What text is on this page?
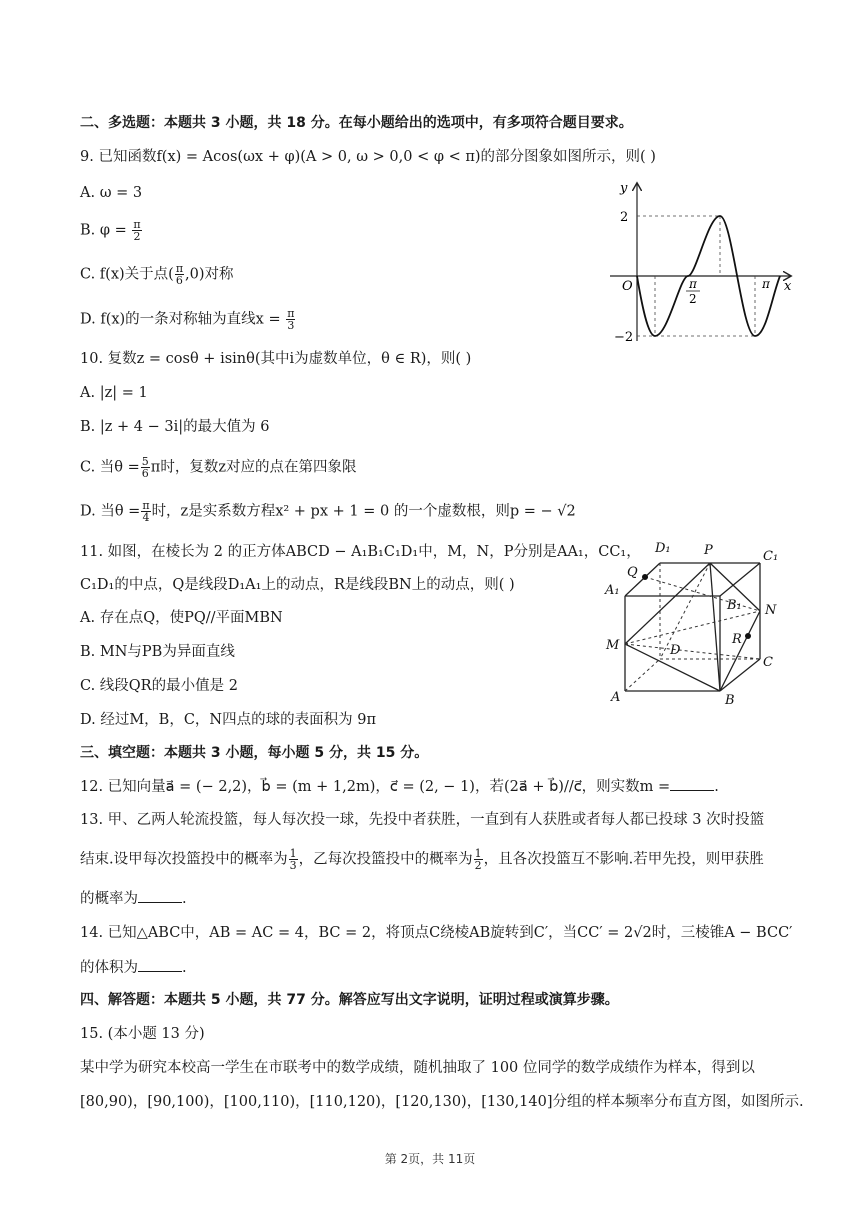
二、多选题：本题共 3 小题，共 18 分。在每小题给出的选项中，有多项符合题目要求。
9. 已知函数f(x) = Acos(ωx + φ)(A > 0, ω > 0,0 < φ < π)的部分图象如图所示，则( )
A. ω = 3
B. $\varphi = \frac{\pi}{2}$
C. f(x)关于点( $\frac{\pi}{6} ,0$)对称
D. f(x)的一条对称轴为直线$x = \frac{\pi}{3}$
y
x
2
−2
O	π
2
π
10. 复数z = cosθ + isinθ(其中i为虚数单位，θ ∈ R)，则( )
A. |z| = 1
B. |z + 4 − 3i|的最大值为 6
C. 当$\theta = \frac{5}{6}$ π时，复数z对应的点在第四象限
D. 当$\theta = \frac{\pi}{4}$ 时，z是实系数方程x² + px + 1 = 0 的一个虚数根，则p = − √2
11. 如图，在棱长为 2 的正方体ABCD − A₁B₁C₁D₁中，M，N，P分别是AA₁，CC₁，
C₁D₁的中点，Q是线段D₁A₁上的动点，R是线段BN上的动点，则( )
A. 存在点Q，使PQ//平面MBN
B. MN与PB为异面直线
C. 线段QR的最小值是 2
D. 经过M，B，C，N四点的球的表面积为 9π
D₁	P	C₁
Q
A₁
B₁ N
M	D
R
C
A	B
三、填空题：本题共 3 小题，每小题 5 分，共 15 分。
12. 已知向量a⃗ = (− 2,2)，b⃗ = (m + 1,2m)，c⃗ = (2, − 1)，若(2a⃗ + b⃗)//c⃗，则实数m =	.
13. 甲、乙两人轮流投篮，每人每次投一球，先投中者获胜，一直到有人获胜或者每人都已投球 3 次时投篮
结束.设甲每次投篮投中的概率为 $\frac{1}{3}$ ，乙每次投篮投中的概率为 $\frac{1}{2}$ ，且各次投篮互不影响.若甲先投，则甲获胜
的概率为	.
14. 已知△ABC中，AB = AC = 4，BC = 2，将顶点C绕棱AB旋转到C′，当CC′ = 2√2时，三棱锥A − BCC′
的体积为	.
四、解答题：本题共 5 小题，共 77 分。解答应写出文字说明，证明过程或演算步骤。
15. (本小题 13 分)
某中学为研究本校高一学生在市联考中的数学成绩，随机抽取了 100 位同学的数学成绩作为样本，得到以
[80,90)，[90,100)，[100,110)，[110,120)，[120,130)，[130,140]分组的样本频率分布直方图，如图所示.
第 2页，共 11页
